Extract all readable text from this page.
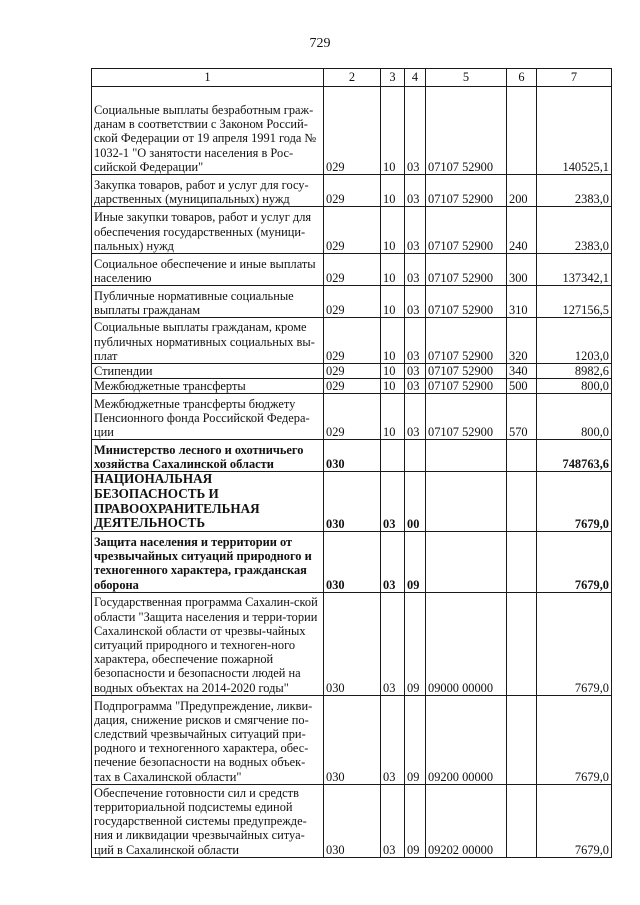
729
1	2	3	4	5	6	7
Социальные выплаты безработным граж-данам в соответствии с Законом Россий-ской Федерации от 19 апреля 1991 года № 1032-1 "О занятости населения в Рос-сийской Федерации"	029	10	03	07107 52900		140525,1
Закупка товаров, работ и услуг для госу-дарственных (муниципальных) нужд	029	10	03	07107 52900	200	2383,0
Иные закупки товаров, работ и услуг для обеспечения государственных (муници-пальных) нужд	029	10	03	07107 52900	240	2383,0
Социальное обеспечение и иные выплаты населению	029	10	03	07107 52900	300	137342,1
Публичные нормативные социальные выплаты гражданам	029	10	03	07107 52900	310	127156,5
Социальные выплаты гражданам, кроме публичных нормативных социальных вы-плат	029	10	03	07107 52900	320	1203,0
Стипендии	029	10	03	07107 52900	340	8982,6
Межбюджетные трансферты	029	10	03	07107 52900	500	800,0
Межбюджетные трансферты бюджету Пенсионного фонда Российской Федера-ции	029	10	03	07107 52900	570	800,0
Министерство лесного и охотничьего хозяйства Сахалинской области	030					748763,6
НАЦИОНАЛЬНАЯ БЕЗОПАСНОСТЬ И ПРАВООХРАНИТЕЛЬНАЯ ДЕЯТЕЛЬНОСТЬ	030	03	00			7679,0
Защита населения и территории от чрезвычайных ситуаций природного и техногенного характера, гражданская оборона	030	03	09			7679,0
Государственная программа Сахалин-ской области "Защита населения и терри-тории Сахалинской области от чрезвы-чайных ситуаций природного и техноген-ного характера, обеспечение пожарной безопасности и безопасности людей на водных объектах на 2014-2020 годы"	030	03	09	09000 00000		7679,0
Подпрограмма "Предупреждение, ликви-дация, снижение рисков и смягчение по-следствий чрезвычайных ситуаций при-родного и техногенного характера, обес-печение безопасности на водных объек-тах в Сахалинской области"	030	03	09	09200 00000		7679,0
Обеспечение готовности сил и средств территориальной подсистемы единой государственной системы предупрежде-ния и ликвидации чрезвычайных ситуа-ций в Сахалинской области	030	03	09	09202 00000		7679,0
